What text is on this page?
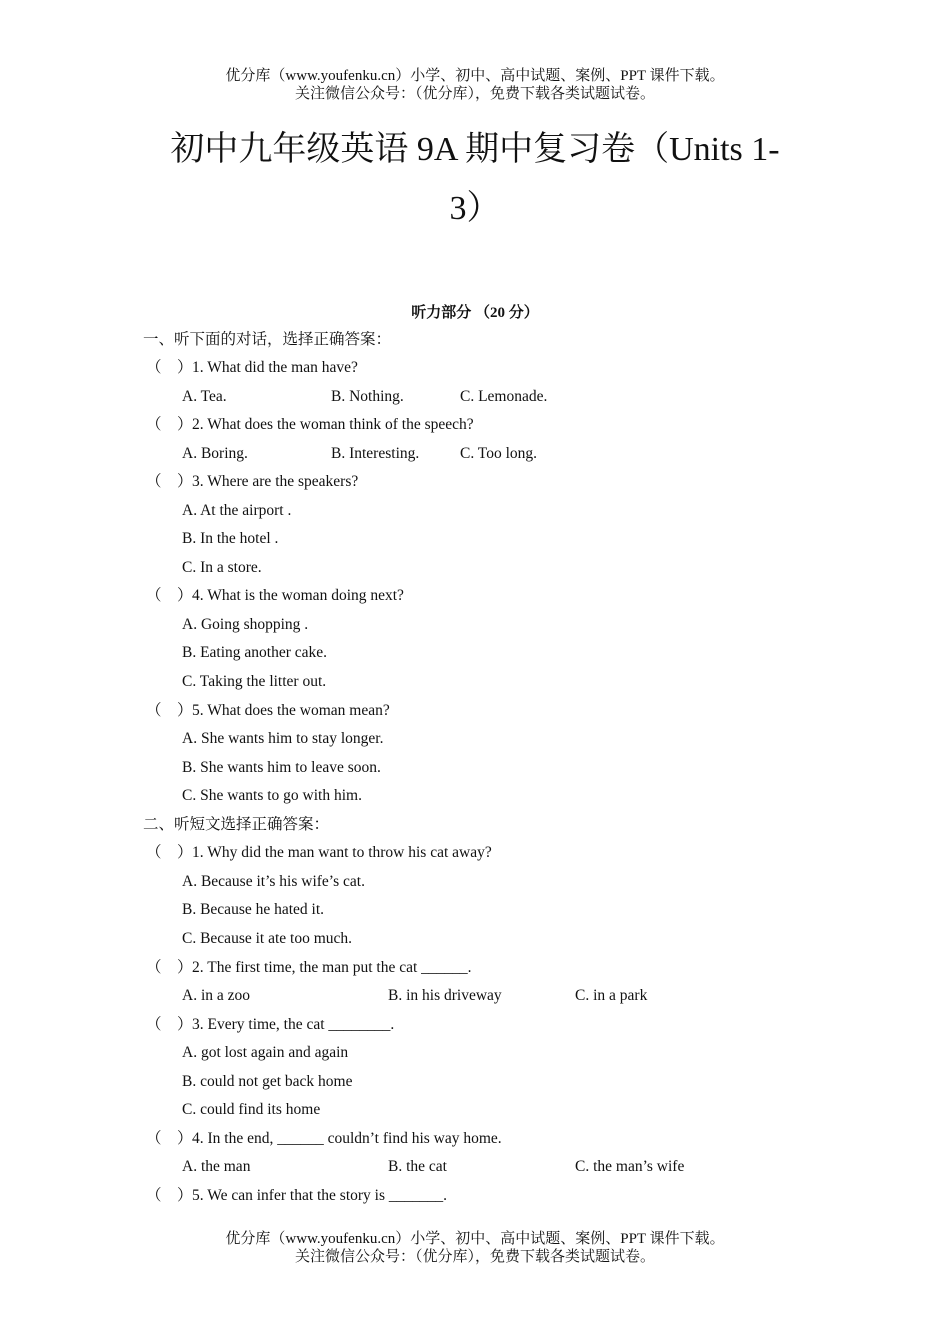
优分库（www.youfenku.cn）小学、初中、高中试题、案例、PPT 课件下载。
关注微信公众号：（优分库），免费下载各类试题试卷。
初中九年级英语 9A 期中复习卷（Units 1-
3）
听力部分 （20 分）
一、听下面的对话，选择正确答案：
（　）1. What did the man have?
A. Tea.	B. Nothing.	C. Lemonade.
（　）2. What does the woman think of the speech?
A. Boring.	B. Interesting.	C. Too long.
（　）3. Where are the speakers?
A. At the airport .
B. In the hotel .
C. In a store.
（　）4. What is the woman doing next?
A. Going shopping .
B. Eating another cake.
C. Taking the litter out.
（　）5. What does the woman mean?
A. She wants him to stay longer.
B. She wants him to leave soon.
C. She wants to go with him.
二、听短文选择正确答案：
（　）1. Why did the man want to throw his cat away?
A. Because it’s his wife’s cat.
B. Because he hated it.
C. Because it ate too much.
（　）2. The first time, the man put the cat ______.
A. in a zoo	B. in his driveway	C. in a park
（　）3. Every time, the cat ________.
A. got lost again and again
B. could not get back home
C. could find its home
（　）4. In the end, ______ couldn’t find his way home.
A. the man	B. the cat	C. the man’s wife
（　）5. We can infer that the story is _______.
优分库（www.youfenku.cn）小学、初中、高中试题、案例、PPT 课件下载。
关注微信公众号：（优分库），免费下载各类试题试卷。
